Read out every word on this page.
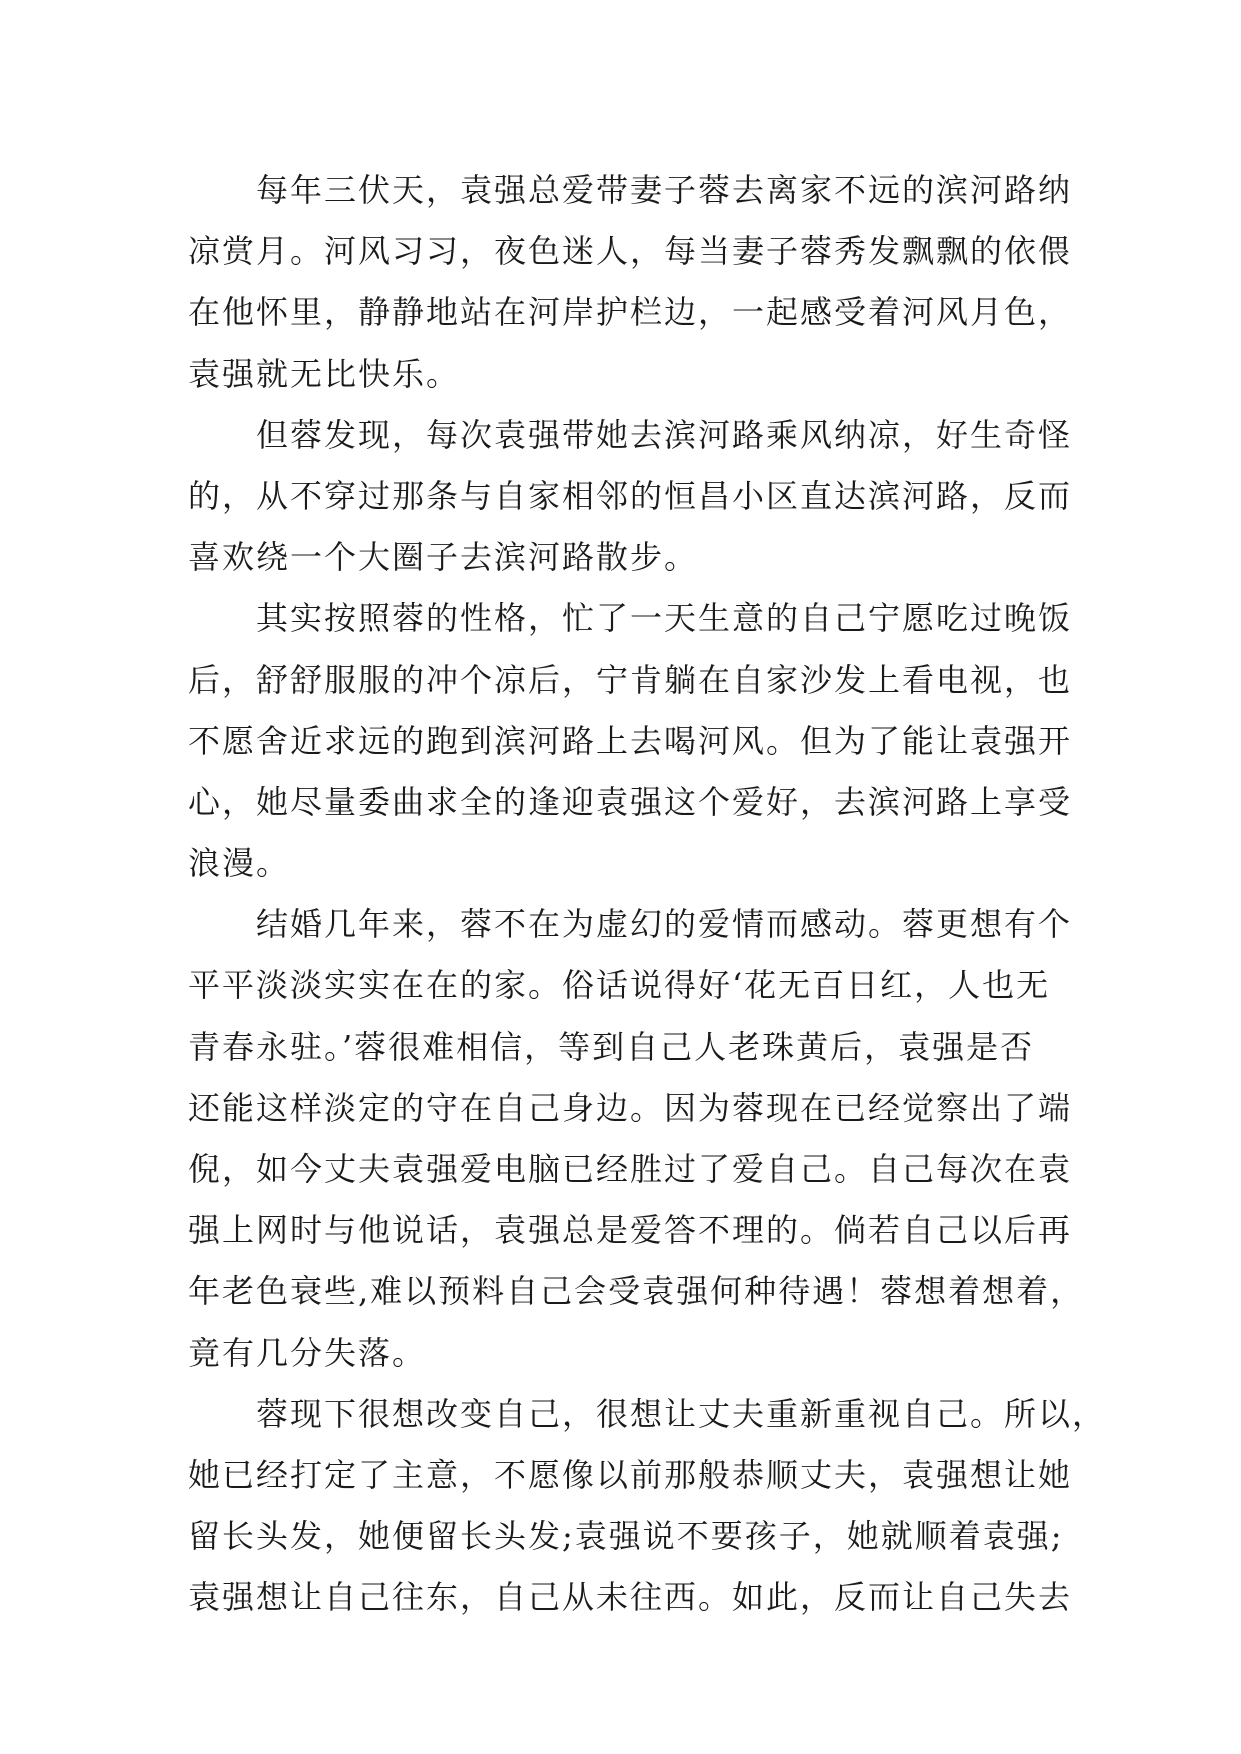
每年三伏天，袁强总爱带妻子蓉去离家不远的滨河路纳
凉赏月。河风习习，夜色迷人，每当妻子蓉秀发飘飘的依偎
在他怀里，静静地站在河岸护栏边，一起感受着河风月色，
袁强就无比快乐。
但蓉发现，每次袁强带她去滨河路乘风纳凉，好生奇怪
的，从不穿过那条与自家相邻的恒昌小区直达滨河路，反而
喜欢绕一个大圈子去滨河路散步。
其实按照蓉的性格，忙了一天生意的自己宁愿吃过晚饭
后，舒舒服服的冲个凉后，宁肯躺在自家沙发上看电视，也
不愿舍近求远的跑到滨河路上去喝河风。但为了能让袁强开
心，她尽量委曲求全的逢迎袁强这个爱好，去滨河路上享受
浪漫。
结婚几年来，蓉不在为虚幻的爱情而感动。蓉更想有个
平平淡淡实实在在的家。俗话说得好‘花无百日红，人也无
青春永驻。’蓉很难相信，等到自己人老珠黄后，袁强是否
还能这样淡定的守在自己身边。因为蓉现在已经觉察出了端
倪，如今丈夫袁强爱电脑已经胜过了爱自己。自己每次在袁
强上网时与他说话，袁强总是爱答不理的。倘若自己以后再
年老色衰些,难以预料自己会受袁强何种待遇！蓉想着想着，
竟有几分失落。
蓉现下很想改变自己，很想让丈夫重新重视自己。所以，
她已经打定了主意，不愿像以前那般恭顺丈夫，袁强想让她
留长头发，她便留长头发;袁强说不要孩子，她就顺着袁强;
袁强想让自己往东，自己从未往西。如此，反而让自己失去
